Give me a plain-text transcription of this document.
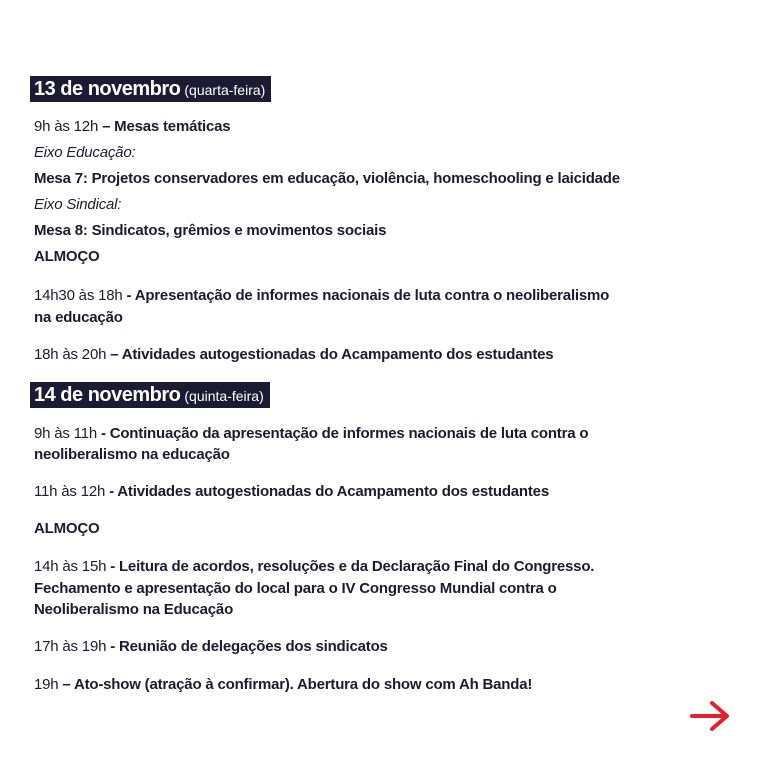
13 de novembro (quarta-feira)
9h às 12h – Mesas temáticas
Eixo Educação:
Mesa 7: Projetos conservadores em educação, violência, homeschooling e laicidade
Eixo Sindical:
Mesa 8: Sindicatos, grêmios e movimentos sociais
ALMOÇO
14h30 às 18h - Apresentação de informes nacionais de luta contra o neoliberalismo
na educação
18h às 20h – Atividades autogestionadas do Acampamento dos estudantes
14 de novembro (quinta-feira)
9h às 11h - Continuação da apresentação de informes nacionais de luta contra o
neoliberalismo na educação
11h às 12h - Atividades autogestionadas do Acampamento dos estudantes
ALMOÇO
14h às 15h - Leitura de acordos, resoluções e da Declaração Final do Congresso.
Fechamento e apresentação do local para o IV Congresso Mundial contra o
Neoliberalismo na Educação
17h às 19h - Reunião de delegações dos sindicatos
19h – Ato-show (atração à confirmar). Abertura do show com Ah Banda!
